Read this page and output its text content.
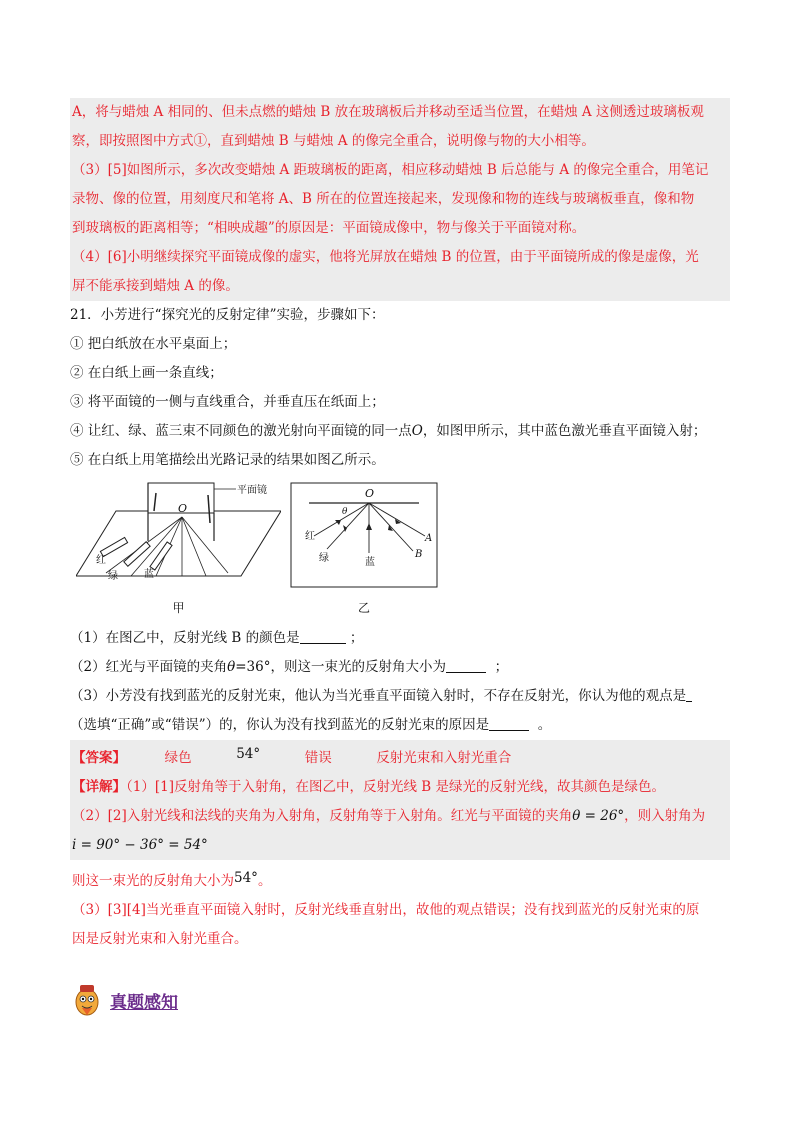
A，将与蜡烛 A 相同的、但未点燃的蜡烛 B 放在玻璃板后并移动至适当位置，在蜡烛 A 这侧透过玻璃板观
察，即按照图中方式①，直到蜡烛 B 与蜡烛 A 的像完全重合，说明像与物的大小相等。
（3）[5]如图所示，多次改变蜡烛 A 距玻璃板的距离，相应移动蜡烛 B 后总能与 A 的像完全重合，用笔记
录物、像的位置，用刻度尺和笔将 A、B 所在的位置连接起来，发现像和物的连线与玻璃板垂直，像和物
到玻璃板的距离相等；“相映成趣”的原因是：平面镜成像中，物与像关于平面镜对称。
（4）[6]小明继续探究平面镜成像的虚实，他将光屏放在蜡烛 B 的位置，由于平面镜所成的像是虚像，光
屏不能承接到蜡烛 A 的像。
21．小芳进行“探究光的反射定律”实验，步骤如下：
① 把白纸放在水平桌面上；
② 在白纸上画一条直线；
③ 将平面镜的一侧与直线重合，并垂直压在纸面上；
④ 让红、绿、蓝三束不同颜色的激光射向平面镜的同一点O，如图甲所示，其中蓝色激光垂直平面镜入射；
⑤ 在白纸上用笔描绘出光路记录的结果如图乙所示。
平面镜
O
红
绿	蓝
甲
O
θ
红
绿	蓝
A
B
乙
（1）在图乙中，反射光线 B 的颜色是	；
（2）红光与平面镜的夹角θ=36°，则这一束光的反射角大小为	；
（3）小芳没有找到蓝光的反射光束，他认为当光垂直平面镜入射时，不存在反射光，你认为他的观点是
（选填“正确”或“错误”）的，你认为没有找到蓝光的反射光束的原因是	。
【答案】	绿色	54°	错误	反射光束和入射光重合
【详解】（1）[1]反射角等于入射角，在图乙中，反射光线 B 是绿光的反射光线，故其颜色是绿色。
（2）[2]入射光线和法线的夹角为入射角，反射角等于入射角。红光与平面镜的夹角θ = 26°，则入射角为
i = 90° − 36° = 54°
则这一束光的反射角大小为54°。
（3）[3][4]当光垂直平面镜入射时，反射光线垂直射出，故他的观点错误；没有找到蓝光的反射光束的原
因是反射光束和入射光重合。
真题感知
